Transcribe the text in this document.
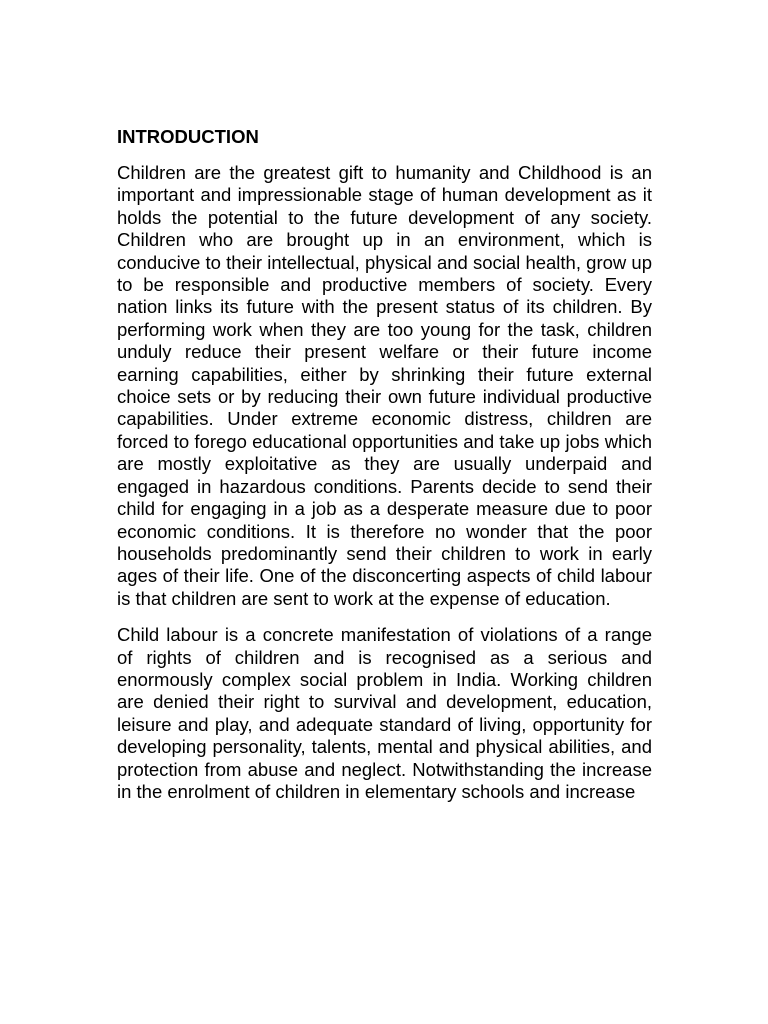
INTRODUCTION

Children are the greatest gift to humanity and Childhood is an important and impressionable stage of human development as it holds the potential to the future development of any society. Children who are brought up in an environment, which is conducive to their intellectual, physical and social health, grow up to be responsible and productive members of society. Every nation links its future with the present status of its children. By performing work when they are too young for the task, children unduly reduce their present welfare or their future income earning capabilities, either by shrinking their future external choice sets or by reducing their own future individual productive capabilities. Under extreme economic distress, children are forced to forego educational opportunities and take up jobs which are mostly exploitative as they are usually underpaid and engaged in hazardous conditions. Parents decide to send their child for engaging in a job as a desperate measure due to poor economic conditions. It is therefore no wonder that the poor households predominantly send their children to work in early ages of their life. One of the disconcerting aspects of child labour is that children are sent to work at the expense of education.

Child labour is a concrete manifestation of violations of a range of rights of children and is recognised as a serious and enormously complex social problem in India. Working children are denied their right to survival and development, education, leisure and play, and adequate standard of living, opportunity for developing personality, talents, mental and physical abilities, and protection from abuse and neglect. Notwithstanding the increase in the enrolment of children in elementary schools and increase
